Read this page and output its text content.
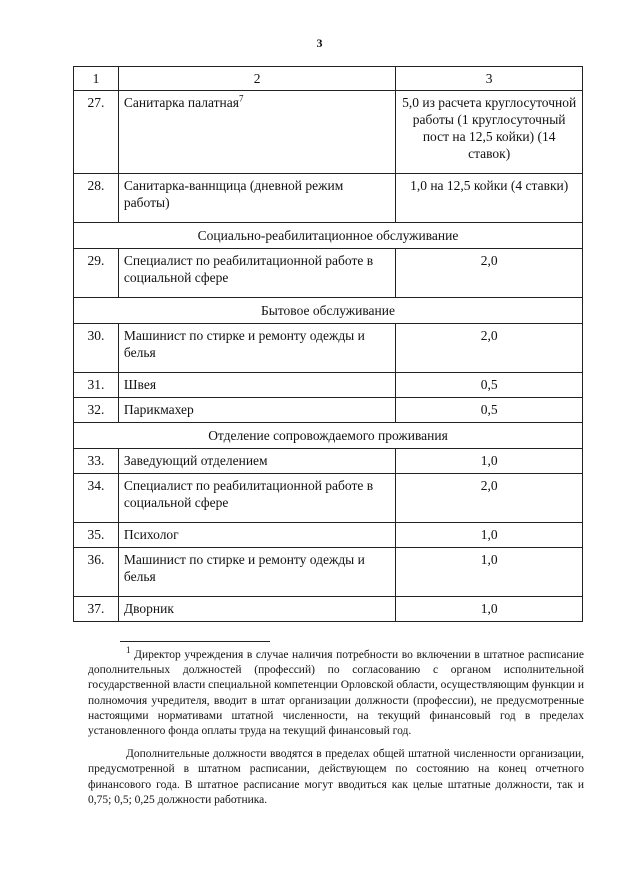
3
1	2	3
27.	Санитарка палатная$^7$	5,0 из расчета круглосуточной работы (1 круглосуточный пост на 12,5 койки) (14 ставок)
28.	Санитарка-ваннщица (дневной режим работы)	1,0 на 12,5 койки (4 ставки)
Социально-реабилитационное обслуживание		
29.	Специалист по реабилитационной работе в социальной сфере	2,0
Бытовое обслуживание		
30.	Машинист по стирке и ремонту одежды и белья	2,0
31.	Швея	0,5
32.	Парикмахер	0,5
Отделение сопровождаемого проживания		
33.	Заведующий отделением	1,0
34.	Специалист по реабилитационной работе в социальной сфере	2,0
35.	Психолог	1,0
36.	Машинист по стирке и ремонту одежды и белья	1,0
37.	Дворник	1,0

$^1$ Директор учреждения в случае наличия потребности во включении в штатное расписание дополнительных должностей (профессий) по согласованию с органом исполнительной государственной власти специальной компетенции Орловской области, осуществляющим функции и полномочия учредителя, вводит в штат организации должности (профессии), не предусмотренные настоящими нормативами штатной численности, на текущий финансовый год в пределах установленного фонда оплаты труда на текущий финансовый год.

Дополнительные должности вводятся в пределах общей штатной численности организации, предусмотренной в штатном расписании, действующем по состоянию на конец отчетного финансового года. В штатное расписание могут вводиться как целые штатные должности, так и 0,75; 0,5; 0,25 должности работника.
